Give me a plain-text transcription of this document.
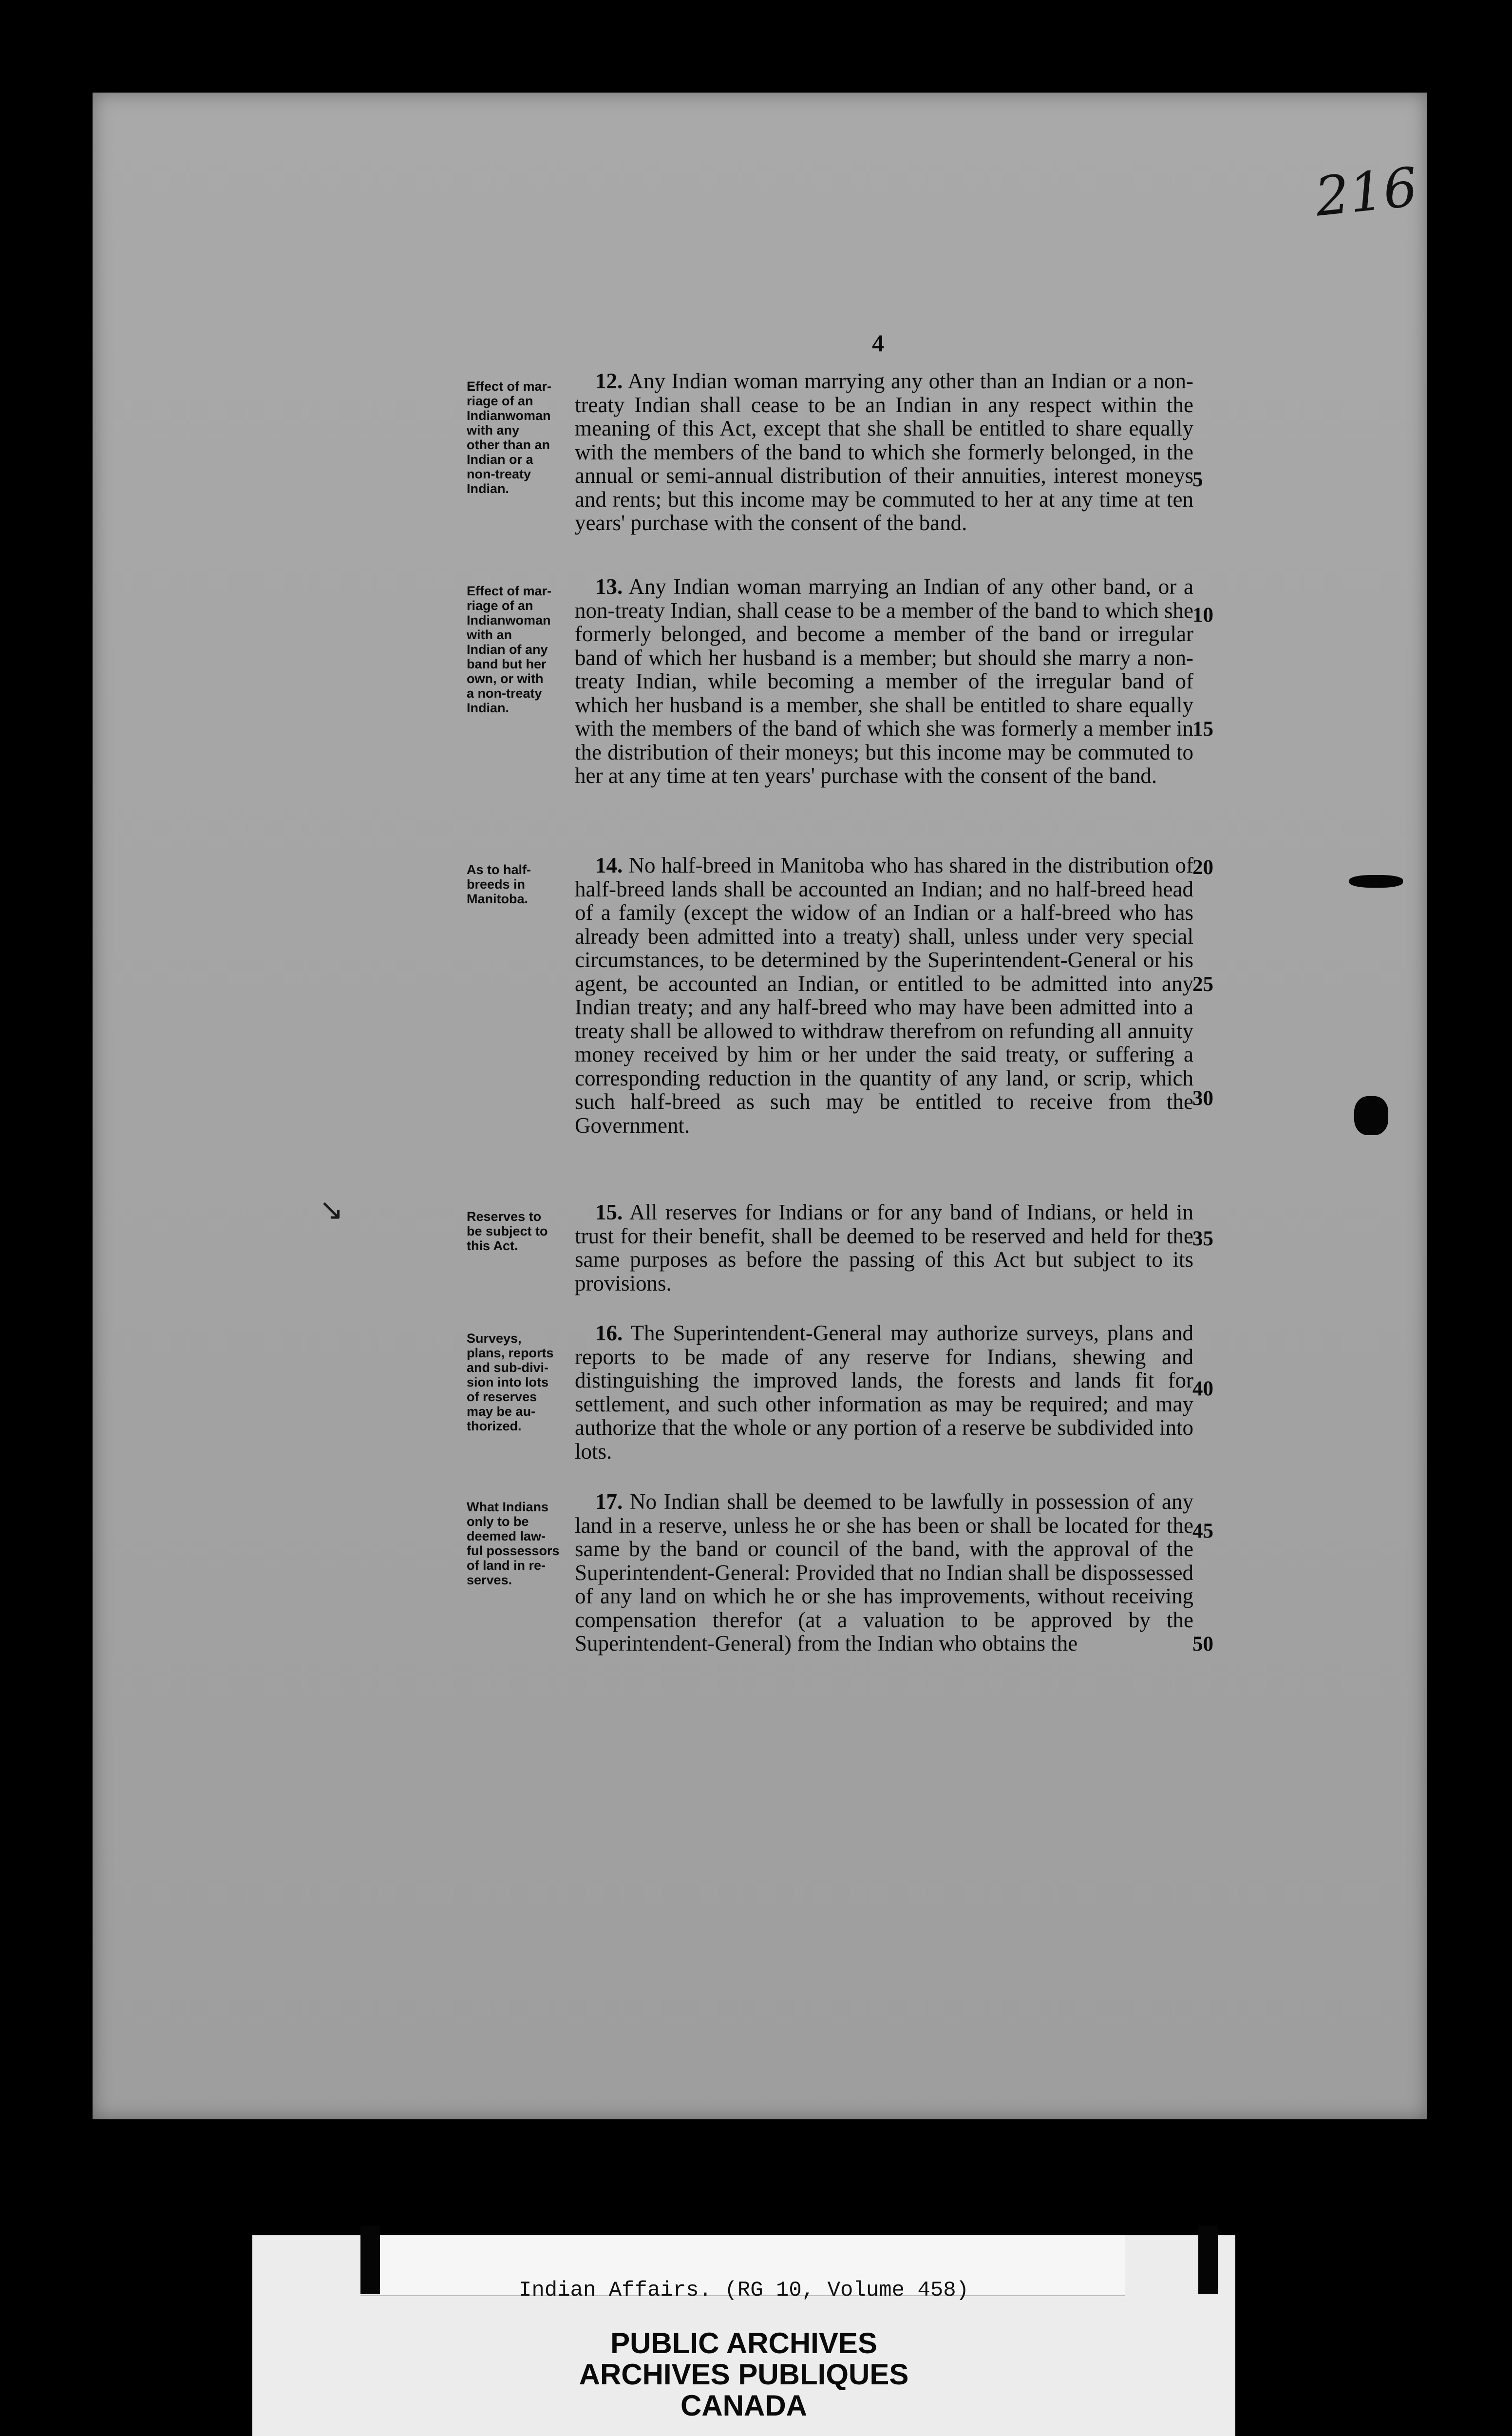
216
4
Effect of mar-
riage of an
Indianwoman
with any
other than an
Indian or a
non-treaty
Indian.

12. Any Indian woman marrying any other than an Indian or a non-treaty Indian shall cease to be an Indian in any respect within the meaning of this Act, except that she shall be entitled to share equally with the members of the band to which she formerly belonged, in the annual or semi-annual distribution of their annuities, interest moneys and rents; but this income may be commuted to her at any time at ten years' purchase with the consent of the band.

Effect of mar-
riage of an
Indianwoman
with an
Indian of any
band but her
own, or with
a non-treaty
Indian.

13. Any Indian woman marrying an Indian of any other band, or a non-treaty Indian, shall cease to be a member of the band to which she formerly belonged, and become a member of the band or irregular band of which her husband is a member; but should she marry a non-treaty Indian, while becoming a member of the irregular band of which her husband is a member, she shall be entitled to share equally with the members of the band of which she was formerly a member in the distribution of their moneys; but this income may be commuted to her at any time at ten years' purchase with the consent of the band.

As to half-
breeds in
Manitoba.

14. No half-breed in Manitoba who has shared in the distribution of half-breed lands shall be accounted an Indian; and no half-breed head of a family (except the widow of an Indian or a half-breed who has already been admitted into a treaty) shall, unless under very special circumstances, to be determined by the Superintendent-General or his agent, be accounted an Indian, or entitled to be admitted into any Indian treaty; and any half-breed who may have been admitted into a treaty shall be allowed to withdraw therefrom on refunding all annuity money received by him or her under the said treaty, or suffering a corresponding reduction in the quantity of any land, or scrip, which such half-breed as such may be entitled to receive from the Government.

Reserves to
be subject to
this Act.

15. All reserves for Indians or for any band of Indians, or held in trust for their benefit, shall be deemed to be reserved and held for the same purposes as before the passing of this Act but subject to its provisions.

Surveys,
plans, reports
and sub-divi-
sion into lots
of reserves
may be au-
thorized.

16. The Superintendent-General may authorize surveys, plans and reports to be made of any reserve for Indians, shewing and distinguishing the improved lands, the forests and lands fit for settlement, and such other information as may be required; and may authorize that the whole or any portion of a reserve be subdivided into lots.

What Indians
only to be
deemed law-
ful possessors
of land in re-
serves.

17. No Indian shall be deemed to be lawfully in possession of any land in a reserve, unless he or she has been or shall be located for the same by the band or council of the band, with the approval of the Superintendent-General: Provided that no Indian shall be dispossessed of any land on which he or she has improvements, without receiving compensation therefor (at a valuation to be approved by the Superintendent-General) from the Indian who obtains the

5
10
15
20
25
30
35
40
45
50
↘
Indian Affairs. (RG 10, Volume 458)
PUBLIC ARCHIVES
ARCHIVES PUBLIQUES
CANADA
